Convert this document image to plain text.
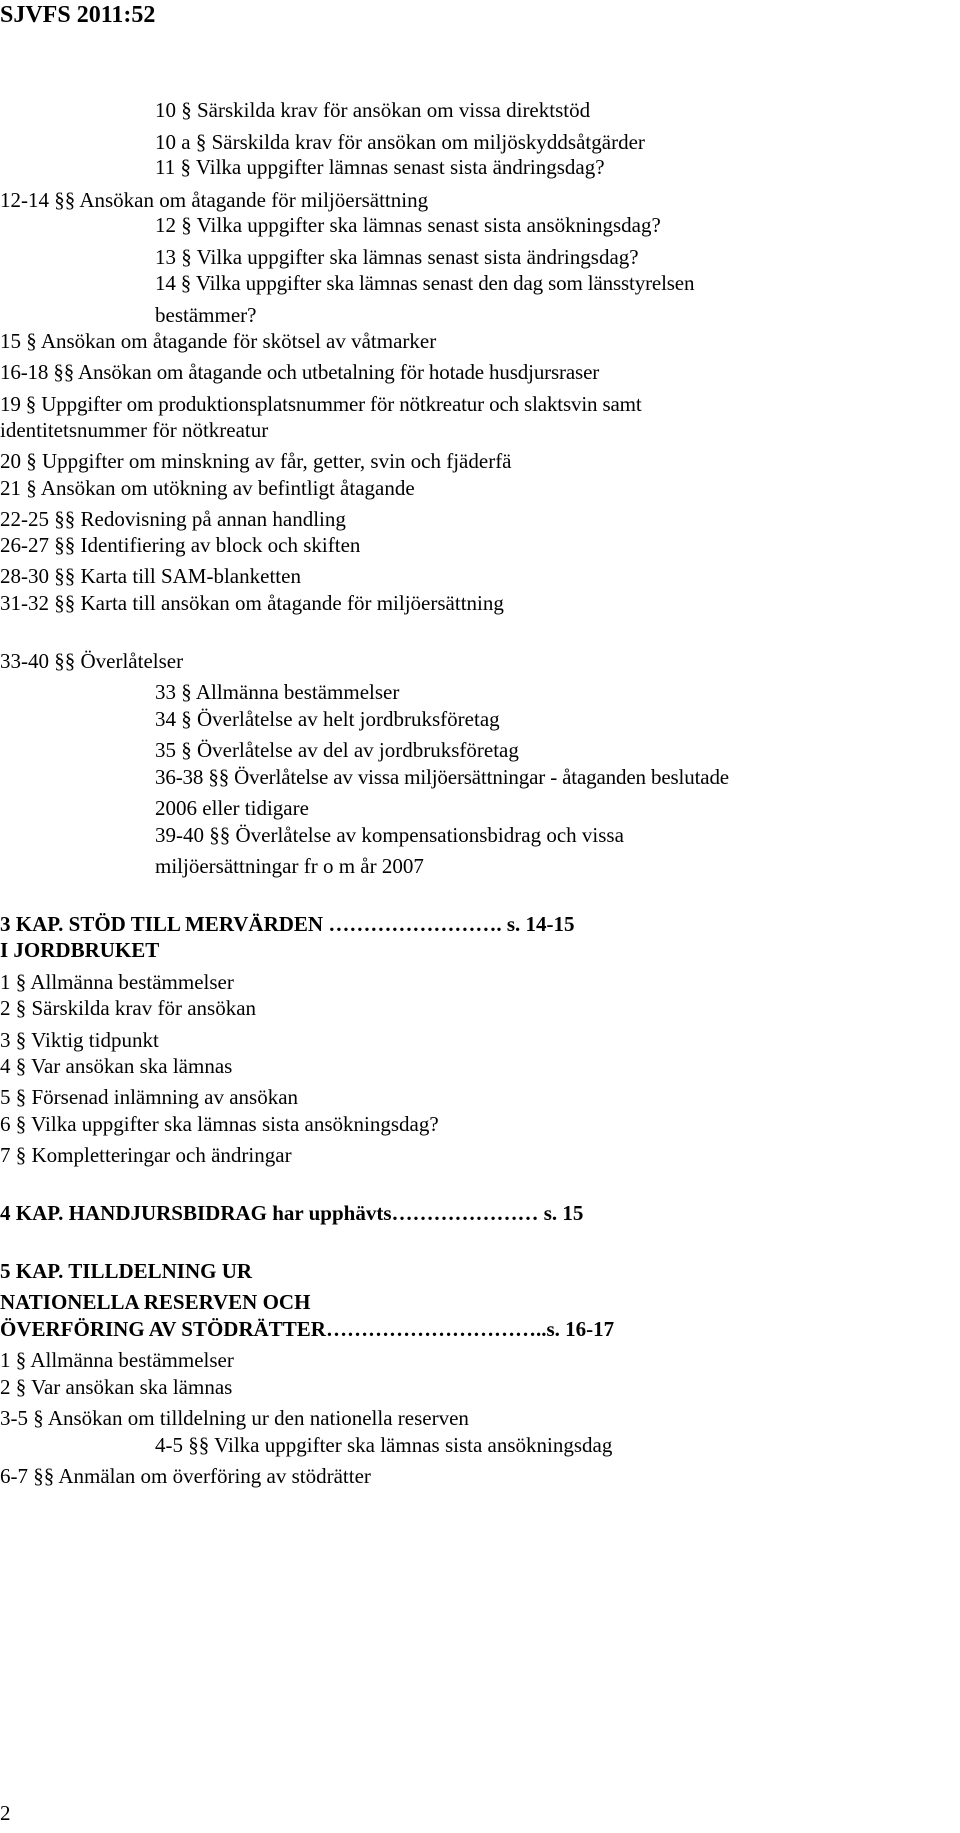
SJVFS 2011:52
10 § Särskilda krav för ansökan om vissa direktstöd
10 a § Särskilda krav för ansökan om miljöskyddsåtgärder
11 § Vilka uppgifter lämnas senast sista ändringsdag?
12-14 §§ Ansökan om åtagande för miljöersättning
12 § Vilka uppgifter ska lämnas senast sista ansökningsdag?
13 § Vilka uppgifter ska lämnas senast sista ändringsdag?
14 § Vilka uppgifter ska lämnas senast den dag som länsstyrelsen
bestämmer?
15 § Ansökan om åtagande för skötsel av våtmarker
16-18 §§ Ansökan om åtagande och utbetalning för hotade husdjursraser
19 § Uppgifter om produktionsplatsnummer för nötkreatur och slaktsvin samt
identitetsnummer för nötkreatur
20 § Uppgifter om minskning av får, getter, svin och fjäderfä
21 § Ansökan om utökning av befintligt åtagande
22-25 §§ Redovisning på annan handling
26-27 §§ Identifiering av block och skiften
28-30 §§ Karta till SAM-blanketten
31-32 §§ Karta till ansökan om åtagande för miljöersättning
33-40 §§ Överlåtelser
33 § Allmänna bestämmelser
34 § Överlåtelse av helt jordbruksföretag
35 § Överlåtelse av del av jordbruksföretag
36-38 §§ Överlåtelse av vissa miljöersättningar - åtaganden beslutade
2006 eller tidigare
39-40 §§ Överlåtelse av kompensationsbidrag och vissa
miljöersättningar fr o m år 2007
3 KAP. STÖD TILL MERVÄRDEN ……………………. s. 14-15
I JORDBRUKET
1 § Allmänna bestämmelser
2 § Särskilda krav för ansökan
3 § Viktig tidpunkt
4 § Var ansökan ska lämnas
5 § Försenad inlämning av ansökan
6 § Vilka uppgifter ska lämnas sista ansökningsdag?
7 § Kompletteringar och ändringar
4 KAP. HANDJURSBIDRAG har upphävts………………… s. 15
5 KAP. TILLDELNING UR
NATIONELLA RESERVEN OCH
ÖVERFÖRING AV STÖDRÄTTER…………………………..s. 16-17
1 § Allmänna bestämmelser
2 § Var ansökan ska lämnas
3-5 § Ansökan om tilldelning ur den nationella reserven
4-5 §§ Vilka uppgifter ska lämnas sista ansökningsdag
6-7 §§ Anmälan om överföring av stödrätter
2
